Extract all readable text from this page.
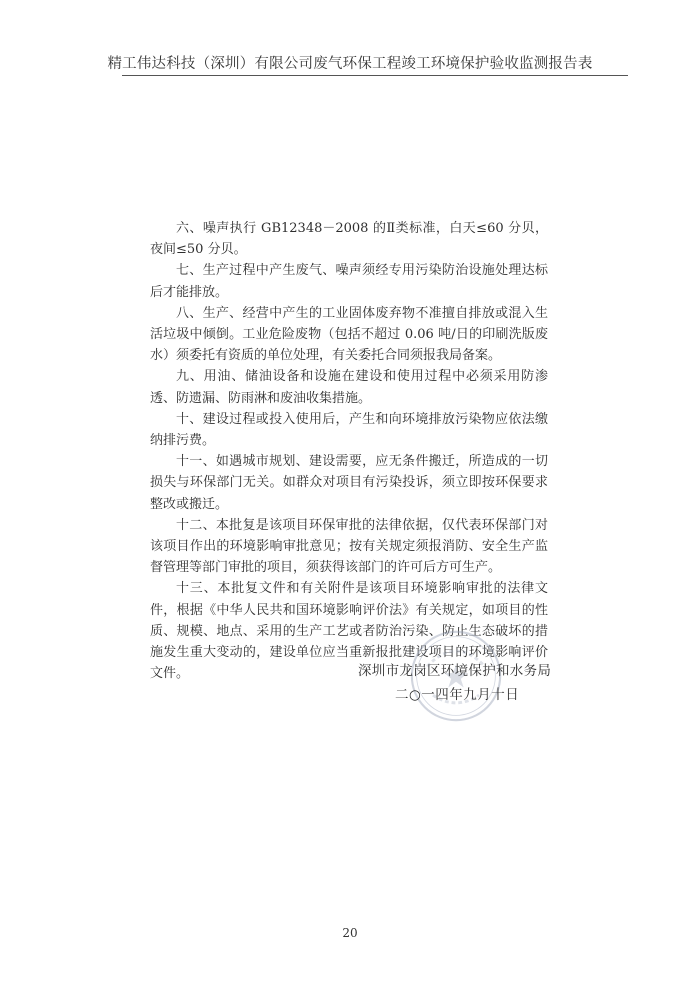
精工伟达科技（深圳）有限公司废气环保工程竣工环境保护验收监测报告表

六、噪声执行 GB12348－2008 的Ⅱ类标准，白天≤60 分贝，夜间≤50 分贝。

七、生产过程中产生废气、噪声须经专用污染防治设施处理达标后才能排放。

八、生产、经营中产生的工业固体废弃物不准擅自排放或混入生活垃圾中倾倒。工业危险废物（包括不超过 0.06 吨/日的印刷洗版废水）须委托有资质的单位处理，有关委托合同须报我局备案。

九、用油、储油设备和设施在建设和使用过程中必须采用防渗透、防遗漏、防雨淋和废油收集措施。

十、建设过程或投入使用后，产生和向环境排放污染物应依法缴纳排污费。

十一、如遇城市规划、建设需要，应无条件搬迁，所造成的一切损失与环保部门无关。如群众对项目有污染投诉，须立即按环保要求整改或搬迁。

十二、本批复是该项目环保审批的法律依据，仅代表环保部门对该项目作出的环境影响审批意见；按有关规定须报消防、安全生产监督管理等部门审批的项目，须获得该部门的许可后方可生产。

十三、本批复文件和有关附件是该项目环境影响审批的法律文件，根据《中华人民共和国环境影响评价法》有关规定，如项目的性质、规模、地点、采用的生产工艺或者防治污染、防止生态破坏的措施发生重大变动的，建设单位应当重新报批建设项目的环境影响评价文件。	深圳市龙岗区环境保护和水务局
二○一四年九月十日
20
